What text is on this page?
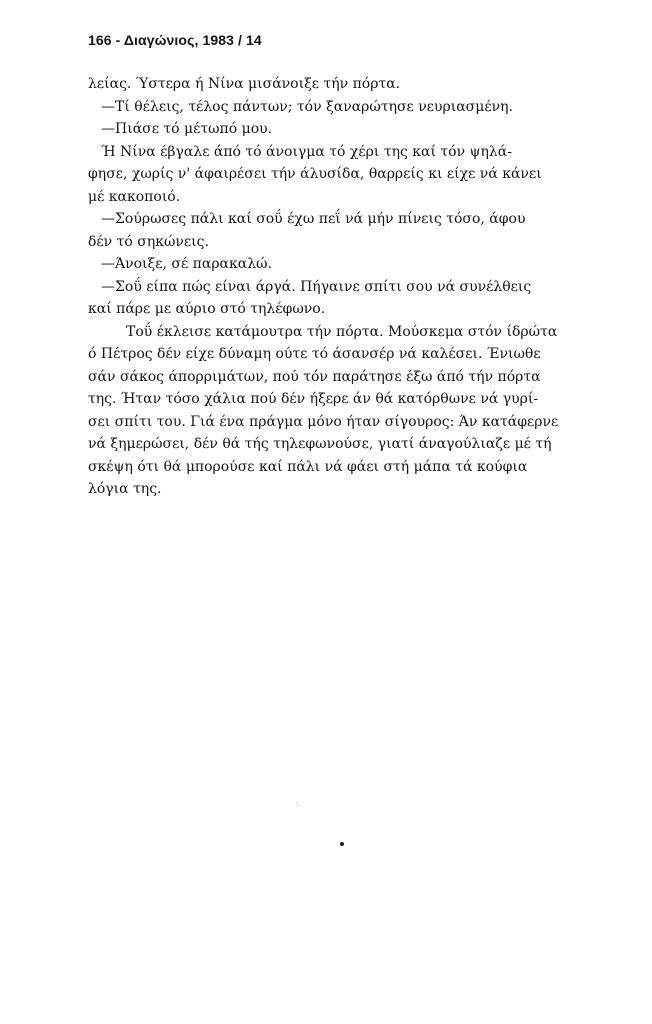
166 - Διαγώνιος, 1983 / 14
λείας. Ύστερα ή Νίνα μισάνοιξε τήν πόρτα.
—Τί θέλεις, τέλος πάντων; τόν ξαναρώτησε νευριασμένη.
—Πιάσε τό μέτωπό μου.
Ή Νίνα έβγαλε άπό τό άνοιγμα τό χέρι της καί τόν ψηλά-
φησε, χωρίς ν' άφαιρέσει τήν άλυσίδα, θαρρείς κι είχε νά κάνει
μέ κακοποιό.
—Σούρωσες πάλι καί σοΰ έχω πεΐ νά μήν πίνεις τόσο, άφου
δέν τό σηκώνεις.
—Άνοιξε, σέ παρακαλώ.
—Σοΰ είπα πώς είναι άργά. Πήγαινε σπίτι σου νά συνέλθεις
καί πάρε με αύριο στό τηλέφωνο.
Τοΰ έκλεισε κατάμουτρα τήν πόρτα. Μούσκεμα στόν ίδρώτα
ό Πέτρος δέν είχε δύναμη ούτε τό άσανσέρ νά καλέσει. Ένιωθε
σάν σάκος άπορριμάτων, πού τόν παράτησε έξω άπό τήν πόρτα
της. Ήταν τόσο χάλια πού δέν ήξερε άν θά κατόρθωνε νά γυρί-
σει σπίτι του. Γιά ένα πράγμα μόνο ήταν σίγουρος: Άν κατάφερνε
νά ξημερώσει, δέν θά τής τηλεφωνούσε, γιατί άναγούλιαζε μέ τή
σκέψη ότι θά μπορούσε καί πάλι νά φάει στή μάπα τά κούφια
λόγια της.
